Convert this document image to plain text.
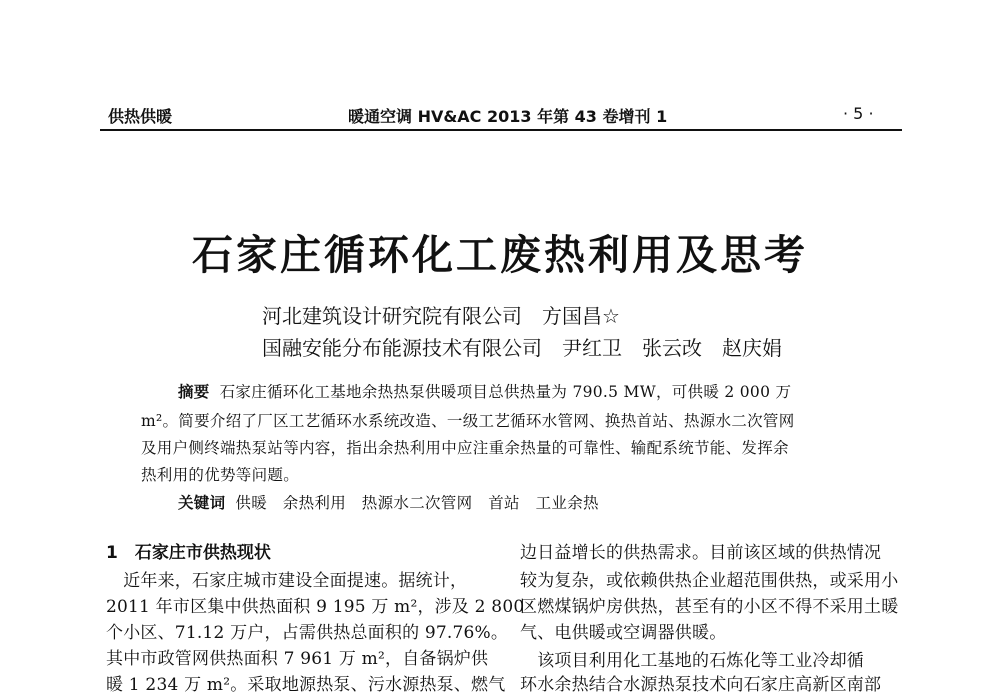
供热供暖	暖通空调 HV&AC 2013 年第 43 卷增刊 1	· 5 ·
石家庄循环化工废热利用及思考
河北建筑设计研究院有限公司　方国昌☆
国融安能分布能源技术有限公司　尹红卫　张云改　赵庆娟
摘要 石家庄循环化工基地余热热泵供暖项目总供热量为 790.5 MW，可供暖 2 000 万
m²。简要介绍了厂区工艺循环水系统改造、一级工艺循环水管网、换热首站、热源水二次管网
及用户侧终端热泵站等内容，指出余热利用中应注重余热量的可靠性、输配系统节能、发挥余
热利用的优势等问题。
关键词 供暖　余热利用　热源水二次管网　首站　工业余热
1　石家庄市供热现状
　近年来，石家庄城市建设全面提速。据统计，
2011 年市区集中供热面积 9 195 万 m²，涉及 2 800
个小区、71.12 万户，占需供热总面积的 97.76%。
其中市政管网供热面积 7 961 万 m²，自备锅炉供
暖 1 234 万 m²。采取地源热泵、污水源热泵、燃气
边日益增长的供热需求。目前该区域的供热情况
较为复杂，或依赖供热企业超范围供热，或采用小
区燃煤锅炉房供热，甚至有的小区不得不采用土暖
气、电供暖或空调器供暖。
　该项目利用化工基地的石炼化等工业冷却循
环水余热结合水源热泵技术向石家庄高新区南部
